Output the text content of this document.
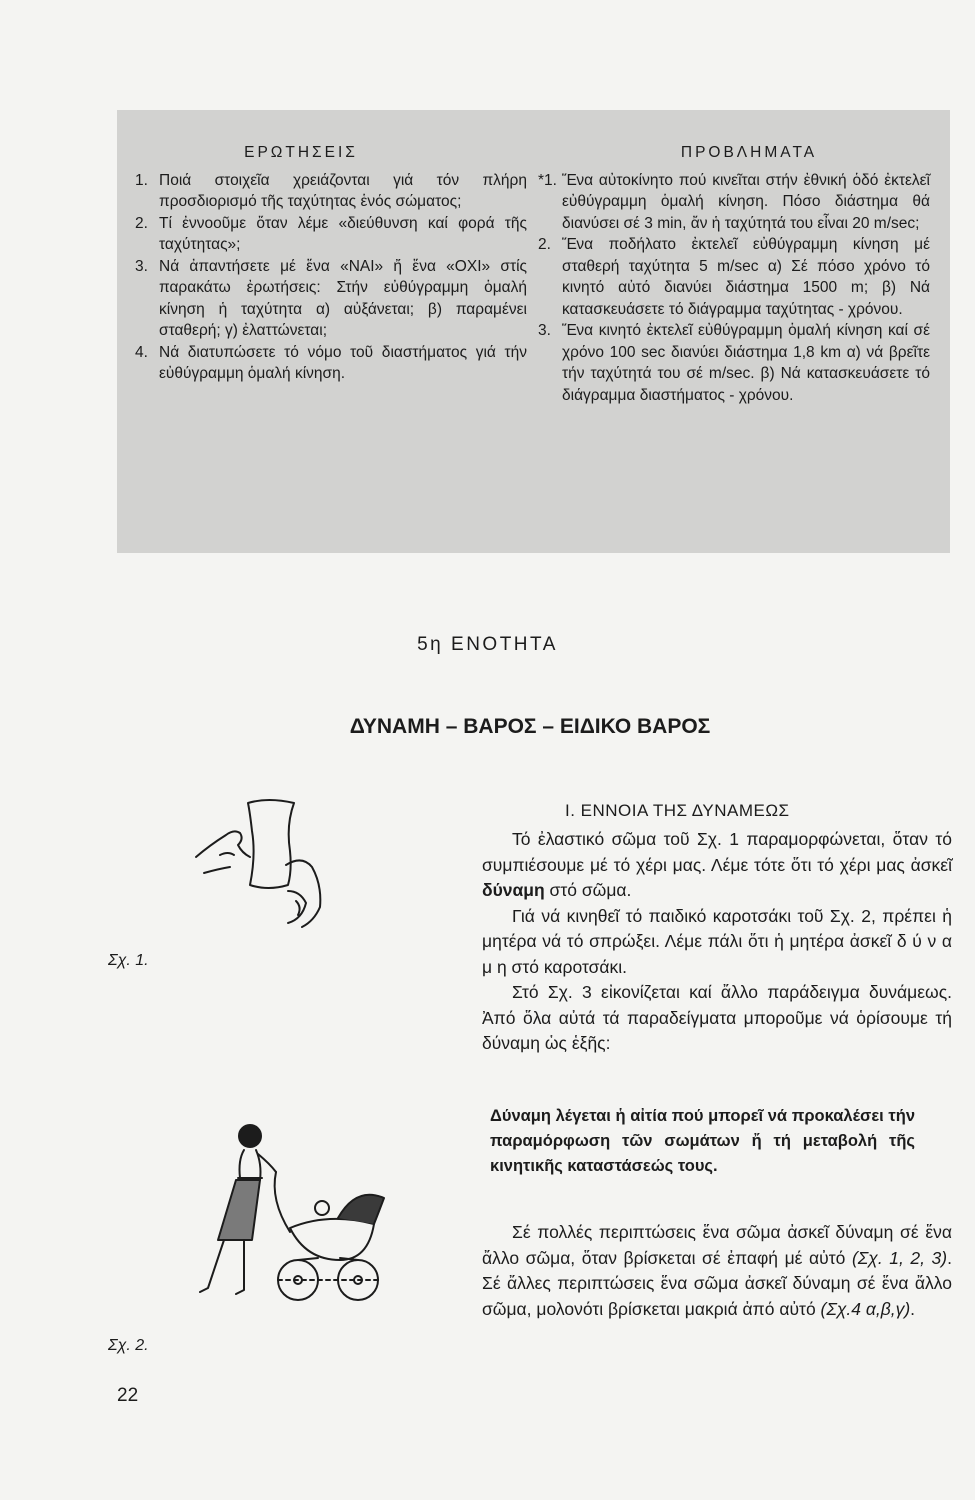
ΕΡΩΤΗΣΕΙΣ
1. Ποιά στοιχεῖα χρειάζονται γιά τόν πλήρη προσδιορισμό τῆς ταχύτητας ἑνός σώματος;
2. Τί ἐννοοῦμε ὅταν λέμε «διεύθυνση καί φορά τῆς ταχύτητας»;
3. Νά ἀπαντήσετε μέ ἕνα «ΝΑΙ» ἤ ἕνα «ΟΧΙ» στίς παρακάτω ἐρωτήσεις: Στήν εὐθύγραμμη ὁμαλή κίνηση ἡ ταχύτητα α) αὐξάνεται; β) παραμένει σταθερή; γ) ἐλαττώνεται;
4. Νά διατυπώσετε τό νόμο τοῦ διαστήματος γιά τήν εὐθύγραμμη ὁμαλή κίνηση.
ΠΡΟΒΛΗΜΑΤΑ
*1. Ἕνα αὐτοκίνητο πού κινεῖται στήν ἐθνική ὁδό ἐκτελεῖ εὐθύγραμμη ὁμαλή κίνηση. Πόσο διάστημα θά διανύσει σέ 3 min, ἄν ἡ ταχύτητά του εἶναι 20 m/sec;
2. Ἕνα ποδήλατο ἐκτελεῖ εὐθύγραμμη κίνηση μέ σταθερή ταχύτητα 5 m/sec α) Σέ πόσο χρόνο τό κινητό αὐτό διανύει διάστημα 1500 m; β) Νά κατασκευάσετε τό διάγραμμα ταχύτητας - χρόνου.
3. Ἕνα κινητό ἐκτελεῖ εὐθύγραμμη ὁμαλή κίνηση καί σέ χρόνο 100 sec διανύει διάστημα 1,8 km α) νά βρεῖτε τήν ταχύτητά του σέ m/sec. β) Νά κατασκευάσετε τό διάγραμμα διαστήματος - χρόνου.
5η ΕΝΟΤΗΤΑ
ΔΥΝΑΜΗ – ΒΑΡΟΣ – ΕΙΔΙΚΟ ΒΑΡΟΣ
Ι. ΕΝΝΟΙΑ ΤΗΣ ΔΥΝΑΜΕΩΣ

Τό ἐλαστικό σῶμα τοῦ Σχ. 1 παραμορφώνεται, ὅταν τό συμπιέσουμε μέ τό χέρι μας. Λέμε τότε ὅτι τό χέρι μας ἀσκεῖ δύναμη στό σῶμα.

Γιά νά κινηθεῖ τό παιδικό καροτσάκι τοῦ Σχ. 2, πρέπει ἡ μητέρα νά τό σπρώξει. Λέμε πάλι ὅτι ἡ μητέρα ἀσκεῖ δ ύ ν α μ η στό καροτσάκι.

Στό Σχ. 3 εἰκονίζεται καί ἄλλο παράδειγμα δυνάμεως. Ἀπό ὅλα αὐτά τά παραδείγματα μποροῦμε νά ὁρίσουμε τή δύναμη ὡς ἑξῆς:

Δύναμη λέγεται ἡ αἰτία πού μπορεῖ νά προκαλέσει τήν παραμόρφωση τῶν σωμάτων ἤ τή μεταβολή τῆς κινητικῆς καταστάσεώς τους.

Σέ πολλές περιπτώσεις ἕνα σῶμα ἀσκεῖ δύναμη σέ ἕνα ἄλλο σῶμα, ὅταν βρίσκεται σέ ἐπαφή μέ αὐτό (Σχ. 1, 2, 3). Σέ ἄλλες περιπτώσεις ἕνα σῶμα ἀσκεῖ δύναμη σέ ἕνα ἄλλο σῶμα, μολονότι βρίσκεται μακριά ἀπό αὐτό (Σχ.4 α,β,γ).

Σχ. 1.
Σχ. 2.
22
